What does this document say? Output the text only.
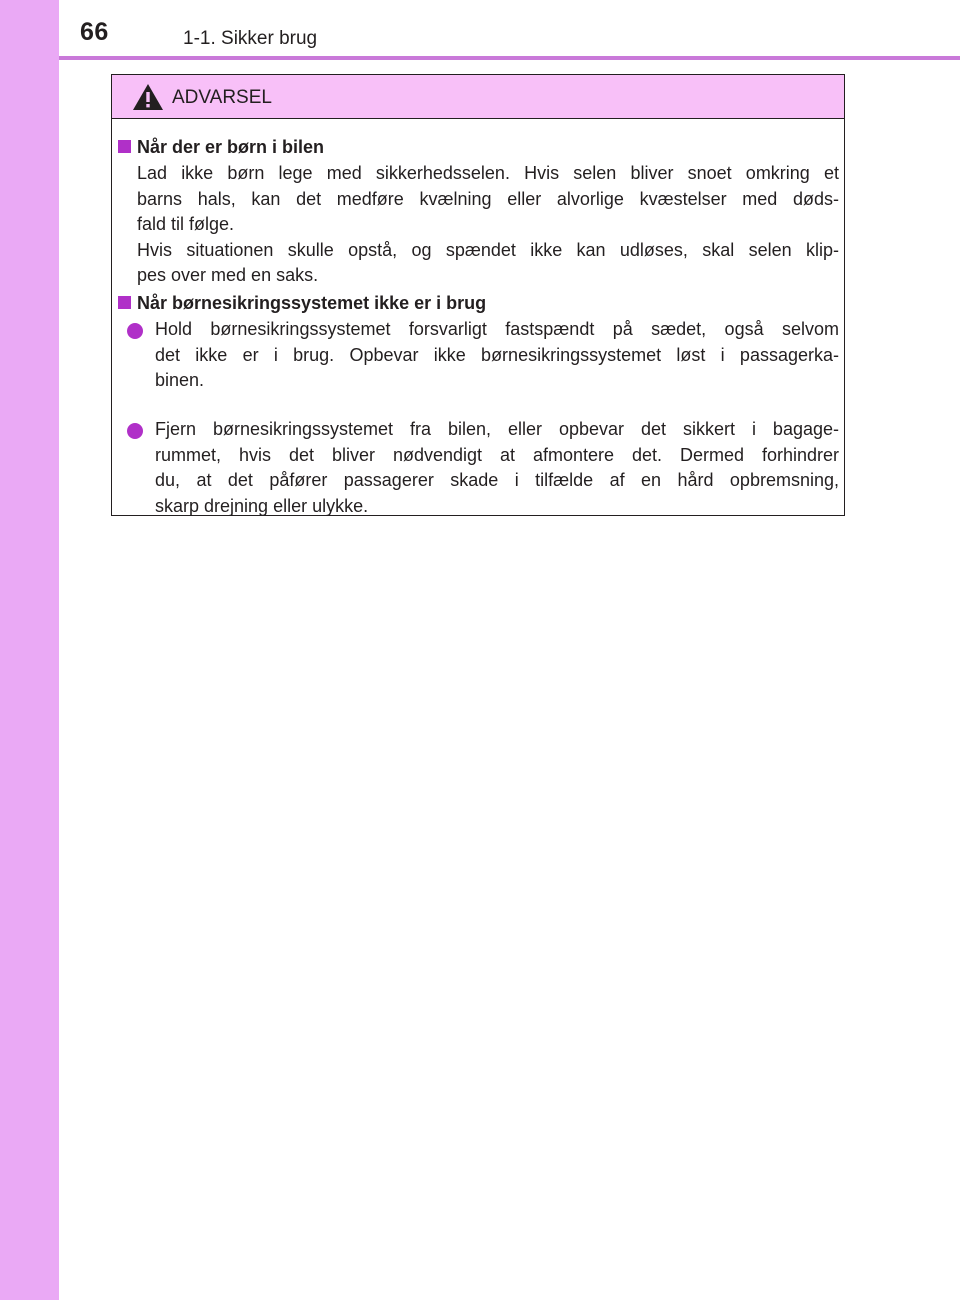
66	1-1. Sikker brug
ADVARSEL
Når der er børn i bilen
Lad ikke børn lege med sikkerhedsselen. Hvis selen bliver snoet omkring et
barns hals, kan det medføre kvælning eller alvorlige kvæstelser med døds-
fald til følge.
Hvis situationen skulle opstå, og spændet ikke kan udløses, skal selen klip-
pes over med en saks.
Når børnesikringssystemet ikke er i brug
Hold børnesikringssystemet forsvarligt fastspændt på sædet, også selvom
det ikke er i brug. Opbevar ikke børnesikringssystemet løst i passagerka-
binen.
Fjern børnesikringssystemet fra bilen, eller opbevar det sikkert i bagage-
rummet, hvis det bliver nødvendigt at afmontere det. Dermed forhindrer
du, at det påfører passagerer skade i tilfælde af en hård opbremsning,
skarp drejning eller ulykke.
